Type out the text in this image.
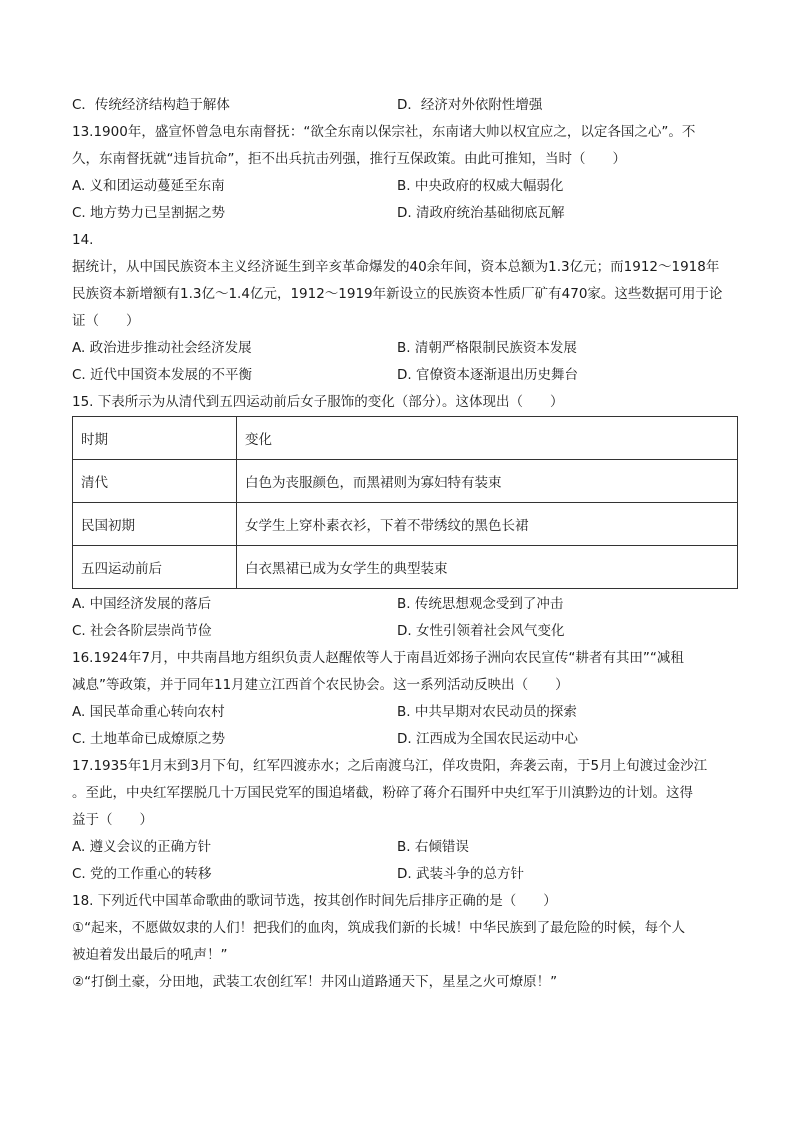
C．传统经济结构趋于解体	D．经济对外依附性增强
13.1900年，盛宣怀曾急电东南督抚：“欲全东南以保宗社，东南诸大帅以权宜应之，以定各国之心”。不
久，东南督抚就“违旨抗命”，拒不出兵抗击列强，推行互保政策。由此可推知，当时（　　）
A. 义和团运动蔓延至东南	B. 中央政府的权威大幅弱化
C. 地方势力已呈割据之势	D. 清政府统治基础彻底瓦解
14.
据统计，从中国民族资本主义经济诞生到辛亥革命爆发的40余年间，资本总额为1.3亿元；而1912～1918年
民族资本新增额有1.3亿～1.4亿元，1912～1919年新设立的民族资本性质厂矿有470家。这些数据可用于论
证（　　）
A. 政治进步推动社会经济发展	B. 清朝严格限制民族资本发展
C. 近代中国资本发展的不平衡	D. 官僚资本逐渐退出历史舞台
15. 下表所示为从清代到五四运动前后女子服饰的变化（部分）。这体现出（　　）
时期	变化
清代	白色为丧服颜色，而黑裙则为寡妇特有装束
民国初期	女学生上穿朴素衣衫，下着不带绣纹的黑色长裙
五四运动前后	白衣黑裙已成为女学生的典型装束
A. 中国经济发展的落后	B. 传统思想观念受到了冲击
C. 社会各阶层崇尚节俭	D. 女性引领着社会风气变化
16.1924年7月，中共南昌地方组织负责人赵醒侬等人于南昌近郊扬子洲向农民宣传“耕者有其田”“减租
减息”等政策，并于同年11月建立江西首个农民协会。这一系列活动反映出（　　）
A. 国民革命重心转向农村	B. 中共早期对农民动员的探索
C. 土地革命已成燎原之势	D. 江西成为全国农民运动中心
17.1935年1月末到3月下旬，红军四渡赤水；之后南渡乌江，佯攻贵阳，奔袭云南，于5月上旬渡过金沙江
。至此，中央红军摆脱几十万国民党军的围追堵截，粉碎了蒋介石围歼中央红军于川滇黔边的计划。这得
益于（　　）
A. 遵义会议的正确方针	B. 右倾错误
C. 党的工作重心的转移	D. 武装斗争的总方针
18. 下列近代中国革命歌曲的歌词节选，按其创作时间先后排序正确的是（　　）
①“起来，不愿做奴隶的人们！把我们的血肉，筑成我们新的长城！中华民族到了最危险的时候，每个人
被迫着发出最后的吼声！”
②“打倒土豪，分田地，武装工农创红军！井冈山道路通天下，星星之火可燎原！”
